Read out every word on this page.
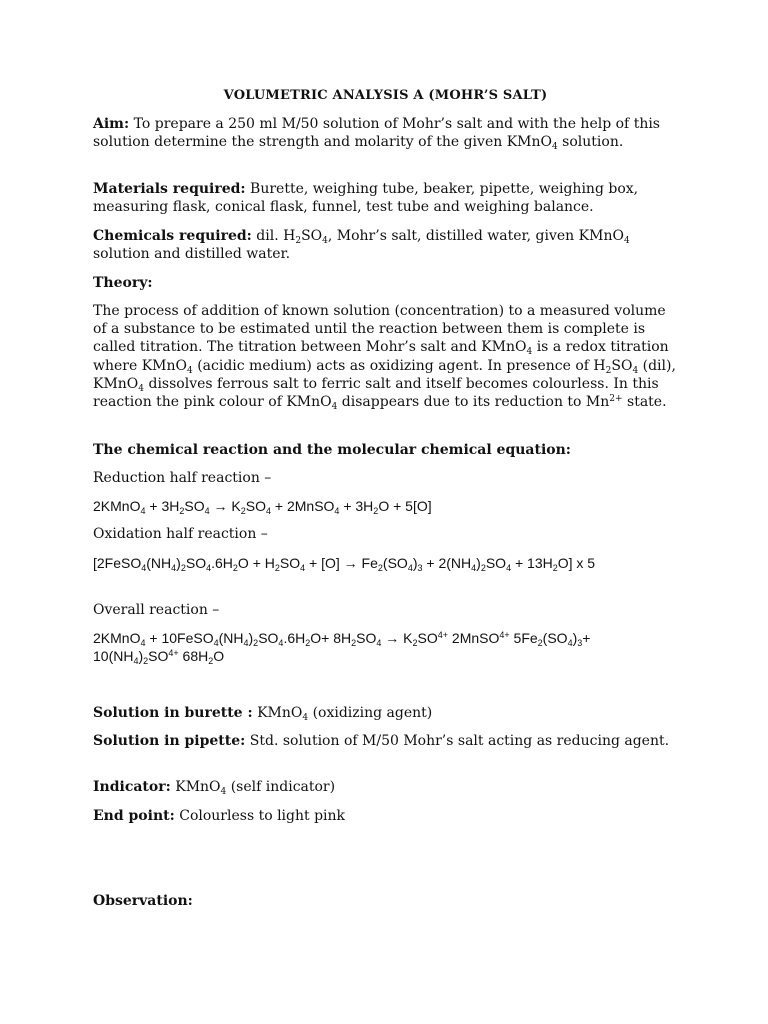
VOLUMETRIC ANALYSIS A (MOHR’S SALT)
Aim: To prepare a 250 ml M/50 solution of Mohr’s salt and with the help of this solution determine the strength and molarity of the given KMnO$_4$ solution.
Materials required: Burette, weighing tube, beaker, pipette, weighing box, measuring flask, conical flask, funnel, test tube and weighing balance.
Chemicals required: dil. $H_2SO_4$, Mohr’s salt, distilled water, given KMnO$_4$ solution and distilled water.
Theory:
The process of addition of known solution (concentration) to a measured volume of a substance to be estimated until the reaction between them is complete is called titration. The titration between Mohr’s salt and KMnO$_4$ is a redox titration where KMnO$_4$ (acidic medium) acts as oxidizing agent. In presence of $H_2SO_4$ (dil), KMnO$_4$ dissolves ferrous salt to ferric salt and itself becomes colourless. In this reaction the pink colour of KMnO$_4$ disappears due to its reduction to $Mn^{2+}$ state.
The chemical reaction and the molecular chemical equation:
Reduction half reaction –
2KMnO$_4$ + $3H_2SO_4 \to K_2SO_4$ + 2MnSO$_4$ + $3H_2O + 5[O]$
Oxidation half reaction –
$[2FeSO_4(NH_4)_2SO_4.6H_2O + H_2SO_4 + [O] \to Fe_2(SO_4)_3 + 2(NH_4)_2SO_4 + 13H_2O]$ x 5
Overall reaction –
2KMnO$_4$ + $10FeSO_4(NH_4)_2SO_4.6H_2O+ 8H_2SO_4 \to K_2SO^{4+}$ 2MnSO$^{4+}$ $5Fe_2(SO_4)_3+ 10(NH_4)_2SO^{4+}$ $68H_2O$
Solution in burette : KMnO$_4$ (oxidizing agent)
Solution in pipette: Std. solution of M/50 Mohr’s salt acting as reducing agent.
Indicator: KMnO$_4$ (self indicator)
End point: Colourless to light pink
Observation:
